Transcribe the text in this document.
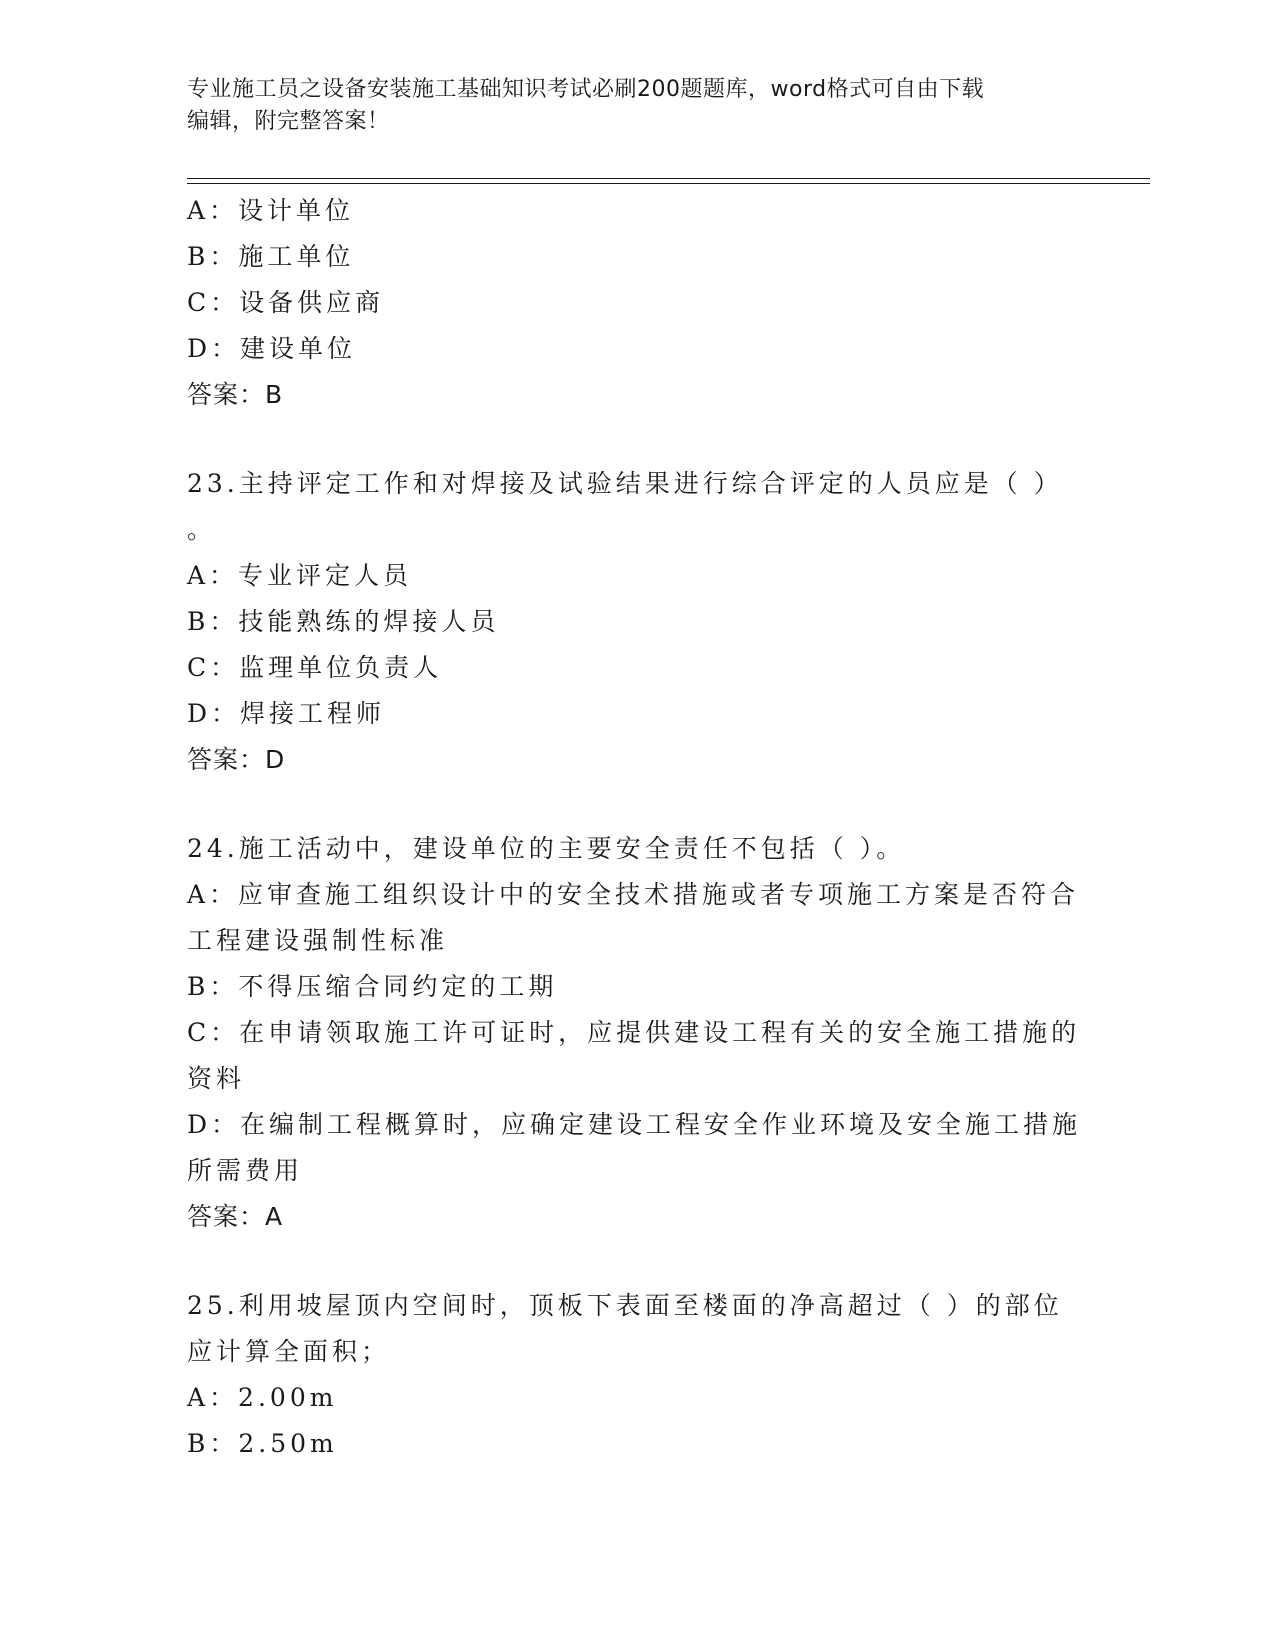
专业施工员之设备安装施工基础知识考试必刷200题题库，word格式可自由下载
编辑，附完整答案！
A：设计单位
B：施工单位
C：设备供应商
D：建设单位
答案：B
23.主持评定工作和对焊接及试验结果进行综合评定的人员应是（ ）
。
A：专业评定人员
B：技能熟练的焊接人员
C：监理单位负责人
D：焊接工程师
答案：D
24.施工活动中，建设单位的主要安全责任不包括（ ）。
A：应审查施工组织设计中的安全技术措施或者专项施工方案是否符合
工程建设强制性标准
B：不得压缩合同约定的工期
C：在申请领取施工许可证时，应提供建设工程有关的安全施工措施的
资料
D：在编制工程概算时，应确定建设工程安全作业环境及安全施工措施
所需费用
答案：A
25.利用坡屋顶内空间时，顶板下表面至楼面的净高超过（ ）的部位
应计算全面积；
A：2.00m
B：2.50m
